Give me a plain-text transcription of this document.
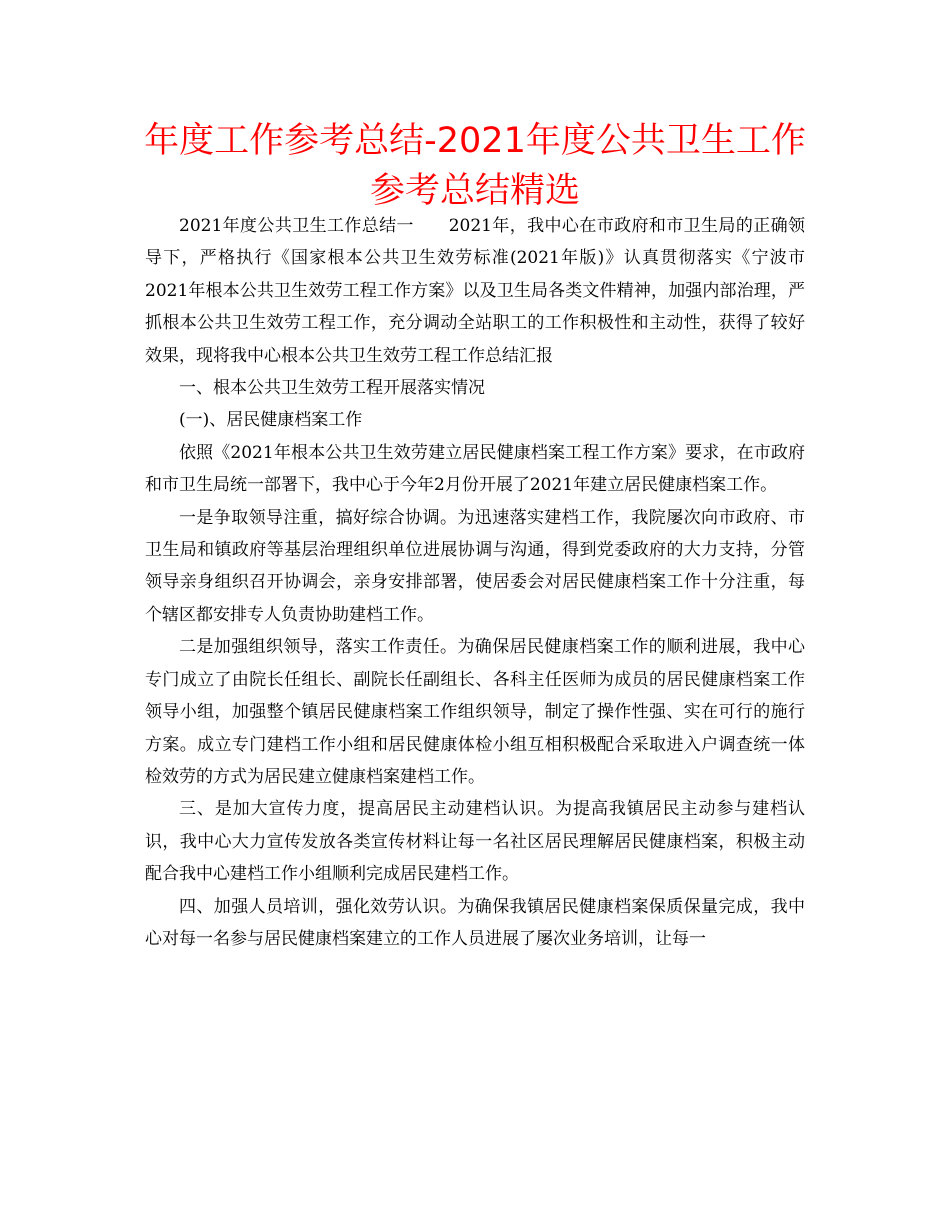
年度工作参考总结-2021年度公共卫生工作参考总结精选

2021年度公共卫生工作总结一　　2021年，我中心在市政府和市卫生局的正确领导下，严格执行《国家根本公共卫生效劳标准(2021年版)》认真贯彻落实《宁波市2021年根本公共卫生效劳工程工作方案》以及卫生局各类文件精神，加强内部治理，严抓根本公共卫生效劳工程工作，充分调动全站职工的工作积极性和主动性，获得了较好效果，现将我中心根本公共卫生效劳工程工作总结汇报

一、根本公共卫生效劳工程开展落实情况

(一)、居民健康档案工作

依照《2021年根本公共卫生效劳建立居民健康档案工程工作方案》要求，在市政府和市卫生局统一部署下，我中心于今年2月份开展了2021年建立居民健康档案工作。

一是争取领导注重，搞好综合协调。为迅速落实建档工作，我院屡次向市政府、市卫生局和镇政府等基层治理组织单位进展协调与沟通，得到党委政府的大力支持，分管领导亲身组织召开协调会，亲身安排部署，使居委会对居民健康档案工作十分注重，每个辖区都安排专人负责协助建档工作。

二是加强组织领导，落实工作责任。为确保居民健康档案工作的顺利进展，我中心专门成立了由院长任组长、副院长任副组长、各科主任医师为成员的居民健康档案工作领导小组，加强整个镇居民健康档案工作组织领导，制定了操作性强、实在可行的施行方案。成立专门建档工作小组和居民健康体检小组互相积极配合采取进入户调查统一体检效劳的方式为居民建立健康档案建档工作。

三、是加大宣传力度，提高居民主动建档认识。为提高我镇居民主动参与建档认识，我中心大力宣传发放各类宣传材料让每一名社区居民理解居民健康档案，积极主动配合我中心建档工作小组顺利完成居民建档工作。

四、加强人员培训，强化效劳认识。为确保我镇居民健康档案保质保量完成，我中心对每一名参与居民健康档案建立的工作人员进展了屡次业务培训，让每一
